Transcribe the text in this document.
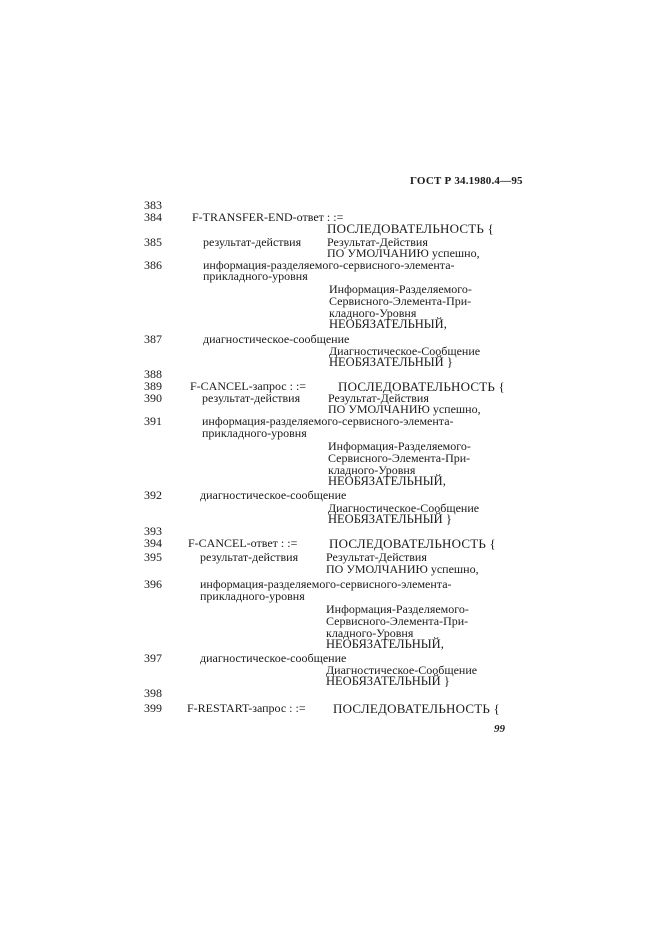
ГОСТ Р 34.1980.4—95
383
384
385
386
387
388
389
390
391
392
393
394
395
396
397
398
399
F-TRANSFER-END-ответ : :=
ПОСЛЕДОВАТЕЛЬНОСТЬ {
результат-действия Результат-Действия
ПО УМОЛЧАНИЮ успешно,
информация-разделяемого-сервисного-элемента-
прикладного-уровня
Информация-Разделяемого-
Сервисного-Элемента-При-
кладного-Уровня
НЕОБЯЗАТЕЛЬНЫЙ,
диагностическое-сообщение
Диагностическое-Сообщение
НЕОБЯЗАТЕЛЬНЫЙ }
F-CANCEL-запрос : := ПОСЛЕДОВАТЕЛЬНОСТЬ {
результат-действия Результат-Действия
ПО УМОЛЧАНИЮ успешно,
информация-разделяемого-сервисного-элемента-
прикладного-уровня
Информация-Разделяемого-
Сервисного-Элемента-При-
кладного-Уровня
НЕОБЯЗАТЕЛЬНЫЙ,
диагностическое-сообщение
Диагностическое-Сообщение
НЕОБЯЗАТЕЛЬНЫЙ }
F-CANCEL-ответ : := ПОСЛЕДОВАТЕЛЬНОСТЬ {
результат-действия Результат-Действия
ПО УМОЛЧАНИЮ успешно,
информация-разделяемого-сервисного-элемента-
прикладного-уровня
Информация-Разделяемого-
Сервисного-Элемента-При-
кладного-Уровня
НЕОБЯЗАТЕЛЬНЫЙ,
диагностическое-сообщение
Диагностическое-Сообщение
НЕОБЯЗАТЕЛЬНЫЙ }
F-RESTART-запрос : := ПОСЛЕДОВАТЕЛЬНОСТЬ {
99
